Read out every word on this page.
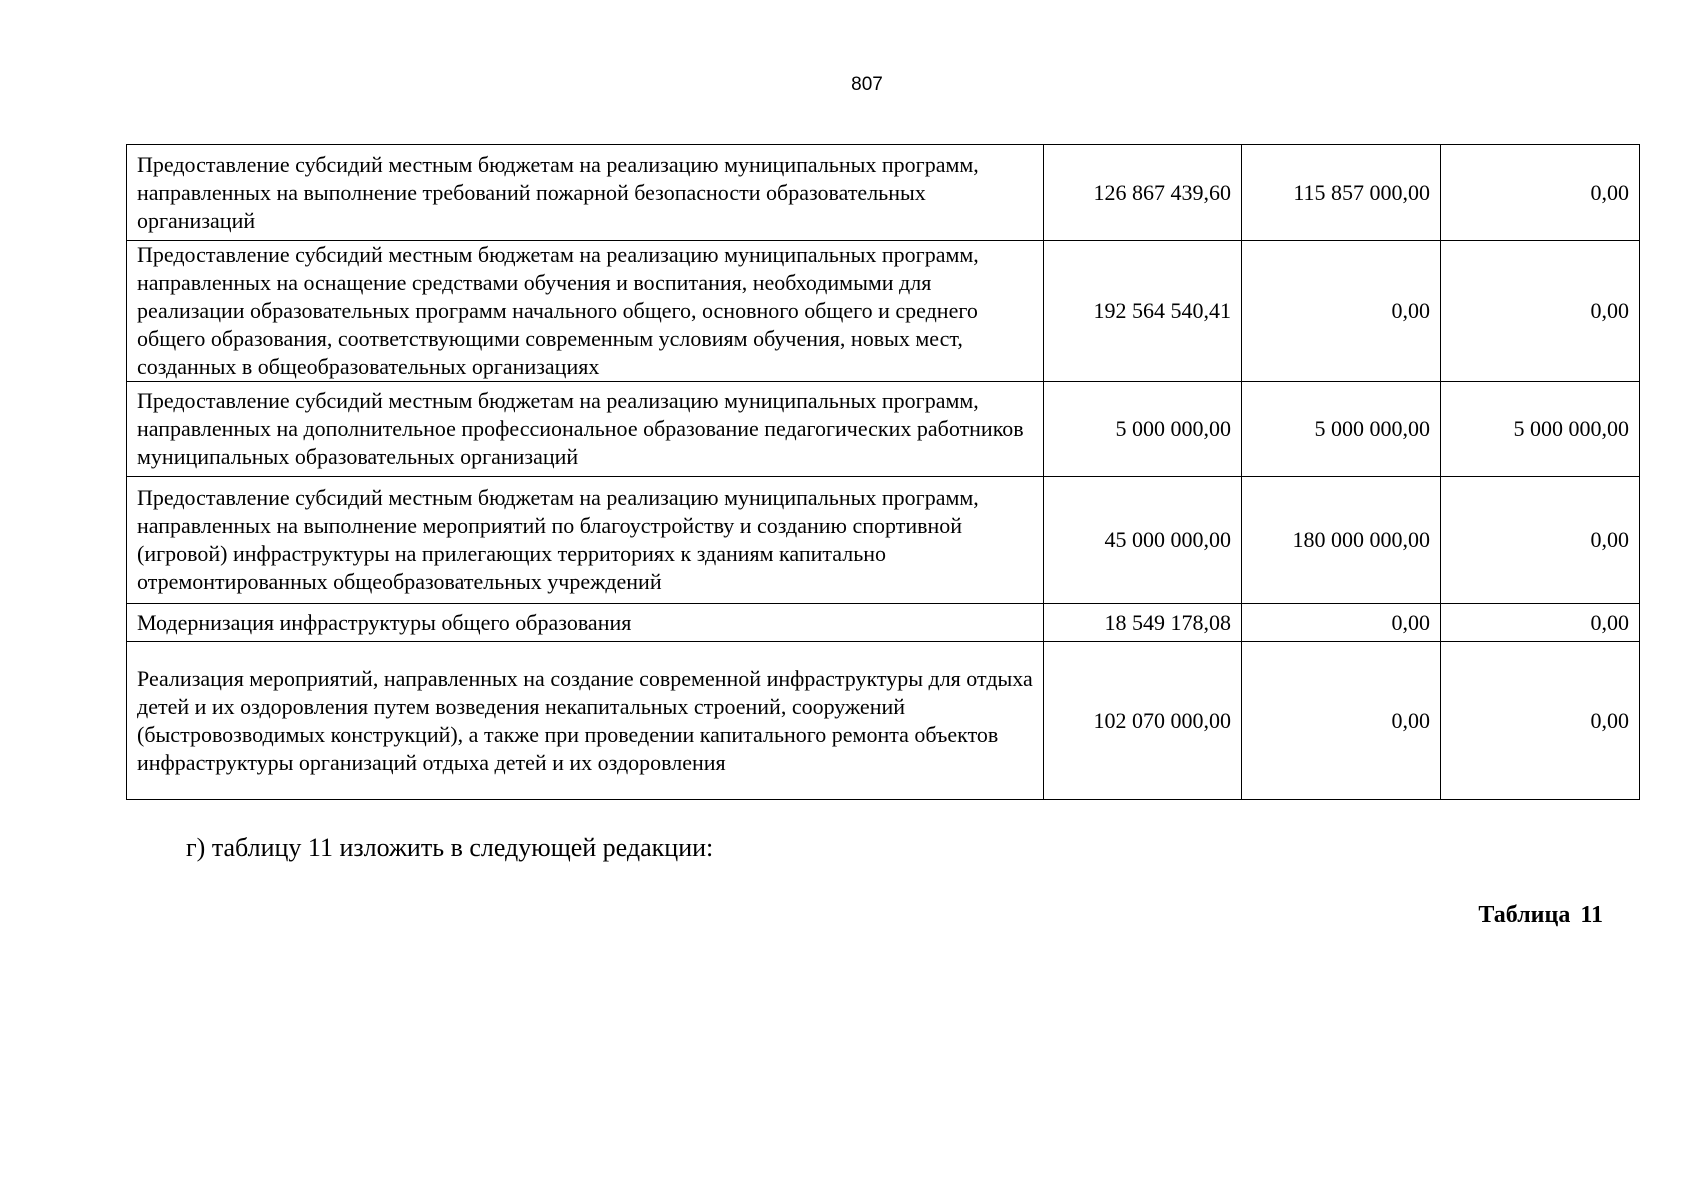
807
Предоставление субсидий местным бюджетам на реализацию муниципальных программ, направленных на выполнение требований пожарной безопасности образовательных организаций	126 867 439,60	115 857 000,00	0,00
Предоставление субсидий местным бюджетам на реализацию муниципальных программ, направленных на оснащение средствами обучения и воспитания, необходимыми для реализации образовательных программ начального общего, основного общего и среднего общего образования, соответствующими современным условиям обучения, новых мест, созданных в общеобразовательных организациях	192 564 540,41	0,00	0,00
Предоставление субсидий местным бюджетам на реализацию муниципальных программ, направленных на дополнительное профессиональное образование педагогических работников муниципальных образовательных организаций	5 000 000,00	5 000 000,00	5 000 000,00
Предоставление субсидий местным бюджетам на реализацию муниципальных программ, направленных на выполнение мероприятий по благоустройству и созданию спортивной (игровой) инфраструктуры на прилегающих территориях к зданиям капитально отремонтированных общеобразовательных учреждений	45 000 000,00	180 000 000,00	0,00
Модернизация инфраструктуры общего образования	18 549 178,08	0,00	0,00
Реализация мероприятий, направленных на создание современной инфраструктуры для отдыха детей и их оздоровления путем возведения некапитальных строений, сооружений (быстровозводимых конструкций), а также при проведении капитального ремонта объектов инфраструктуры организаций отдыха детей и их оздоровления	102 070 000,00	0,00	0,00
г) таблицу 11 изложить в следующей редакции:
Таблица 11
